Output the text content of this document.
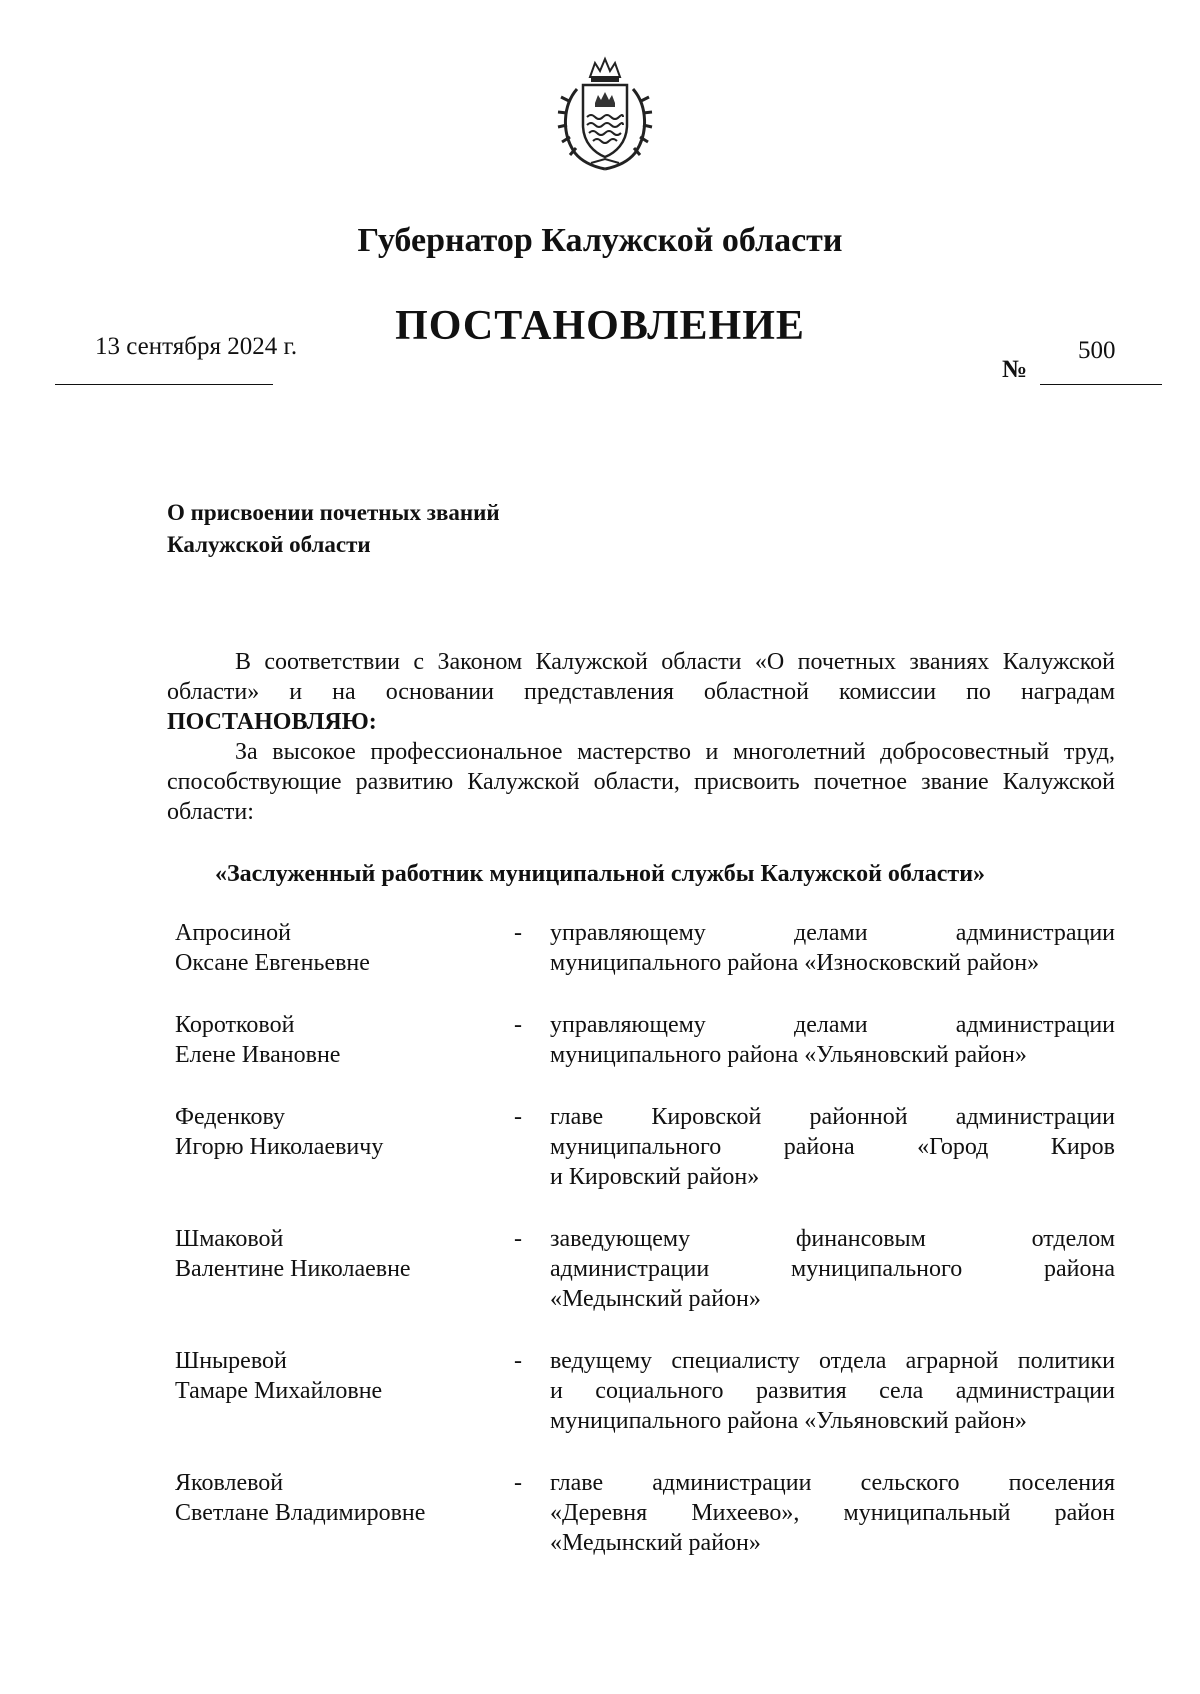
Губернатор Калужской области
ПОСТАНОВЛЕНИЕ
13 сентября 2024 г.
№
500
О присвоении почетных званий
Калужской области

В соответствии с Законом Калужской области «О почетных званиях Калужской области» и на основании представления областной комиссии по наградам ПОСТАНОВЛЯЮ:

За высокое профессиональное мастерство и многолетний добросовестный труд, способствующие развитию Калужской области, присвоить почетное звание Калужской области:

«Заслуженный работник муниципальной службы Калужской области»
Апросиной
Оксане Евгеньевне
- управляющему делами администрации
муниципального района «Износковский район»
Коротковой
Елене Ивановне
- управляющему делами администрации
муниципального района «Ульяновский район»
Феденкову
Игорю Николаевичу
- главе Кировской районной администрации
муниципального района «Город Киров
и Кировский район»
Шмаковой
Валентине Николаевне
- заведующему финансовым отделом
администрации муниципального района
«Медынский район»
Шныревой
Тамаре Михайловне
- ведущему специалисту отдела аграрной политики
и социального развития села администрации
муниципального района «Ульяновский район»
Яковлевой
Светлане Владимировне
- главе администрации сельского поселения
«Деревня Михеево», муниципальный район
«Медынский район»
